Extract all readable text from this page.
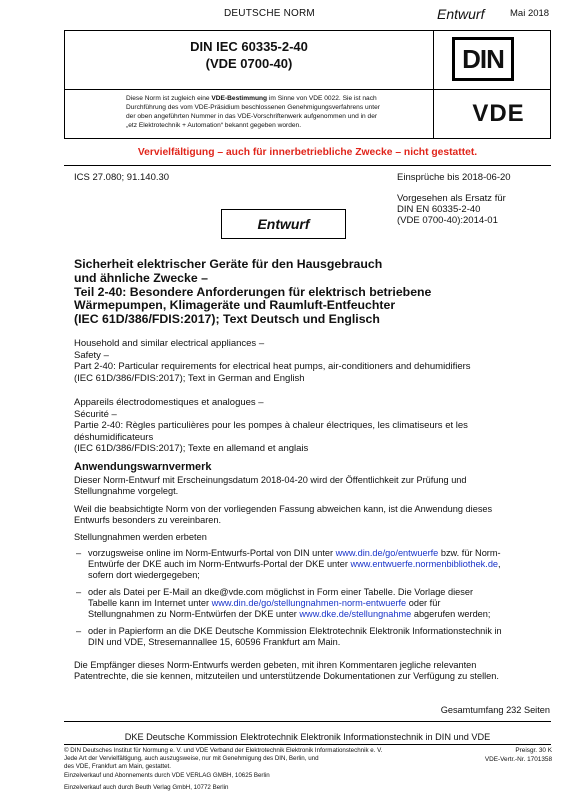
DEUTSCHE NORM	Entwurf	Mai 2018
DIN IEC 60335-2-40
(VDE 0700-40)	DIN
Diese Norm ist zugleich eine VDE-Bestimmung im Sinne von VDE 0022. Sie ist nach
Durchführung des vom VDE-Präsidium beschlossenen Genehmigungsverfahrens unter
der oben angeführten Nummer in das VDE-Vorschriftenwerk aufgenommen und in der
„etz Elektrotechnik + Automation“ bekannt gegeben worden.	VDE
Vervielfältigung – auch für innerbetriebliche Zwecke – nicht gestattet.
ICS 27.080; 91.140.30	Einsprüche bis 2018-06-20
Vorgesehen als Ersatz für
DIN EN 60335-2-40
(VDE 0700-40):2014-01
Entwurf
Sicherheit elektrischer Geräte für den Hausgebrauch
und ähnliche Zwecke –
Teil 2-40: Besondere Anforderungen für elektrisch betriebene
Wärmepumpen, Klimageräte und Raumluft-Entfeuchter
(IEC 61D/386/FDIS:2017); Text Deutsch und Englisch
Household and similar electrical appliances –
Safety –
Part 2-40: Particular requirements for electrical heat pumps, air-conditioners and dehumidifiers
(IEC 61D/386/FDIS:2017); Text in German and English
Appareils électrodomestiques et analogues –
Sécurité –
Partie 2-40: Règles particulières pour les pompes à chaleur électriques, les climatiseurs et les
déshumidificateurs
(IEC 61D/386/FDIS:2017); Texte en allemand et anglais
Anwendungswarnvermerk
Dieser Norm-Entwurf mit Erscheinungsdatum 2018-04-20 wird der Öffentlichkeit zur Prüfung und
Stellungnahme vorgelegt.
Weil die beabsichtigte Norm von der vorliegenden Fassung abweichen kann, ist die Anwendung dieses
Entwurfs besonders zu vereinbaren.
Stellungnahmen werden erbeten
– vorzugsweise online im Norm-Entwurfs-Portal von DIN unter www.din.de/go/entwuerfe bzw. für Norm-
Entwürfe der DKE auch im Norm-Entwurfs-Portal der DKE unter www.entwuerfe.normenbibliothek.de,
sofern dort wiedergegeben;
– oder als Datei per E-Mail an dke@vde.com möglichst in Form einer Tabelle. Die Vorlage dieser
Tabelle kann im Internet unter www.din.de/go/stellungnahmen-norm-entwuerfe oder für
Stellungnahmen zu Norm-Entwürfen der DKE unter www.dke.de/stellungnahme abgerufen werden;
– oder in Papierform an die DKE Deutsche Kommission Elektrotechnik Elektronik Informationstechnik in
DIN und VDE, Stresemannallee 15, 60596 Frankfurt am Main.
Die Empfänger dieses Norm-Entwurfs werden gebeten, mit ihren Kommentaren jegliche relevanten
Patentrechte, die sie kennen, mitzuteilen und unterstützende Dokumentationen zur Verfügung zu stellen.
Gesamtumfang 232 Seiten
DKE Deutsche Kommission Elektrotechnik Elektronik Informationstechnik in DIN und VDE
© DIN Deutsches Institut für Normung e. V. und VDE Verband der Elektrotechnik Elektronik Informationstechnik e. V.
Jede Art der Vervielfältigung, auch auszugsweise, nur mit Genehmigung des DIN, Berlin, und
des VDE, Frankfurt am Main, gestattet.
Einzelverkauf und Abonnements durch VDE VERLAG GMBH, 10625 Berlin
Einzelverkauf auch durch Beuth Verlag GmbH, 10772 Berlin
Preisgr. 30 K
VDE-Vertr.-Nr. 1701358
